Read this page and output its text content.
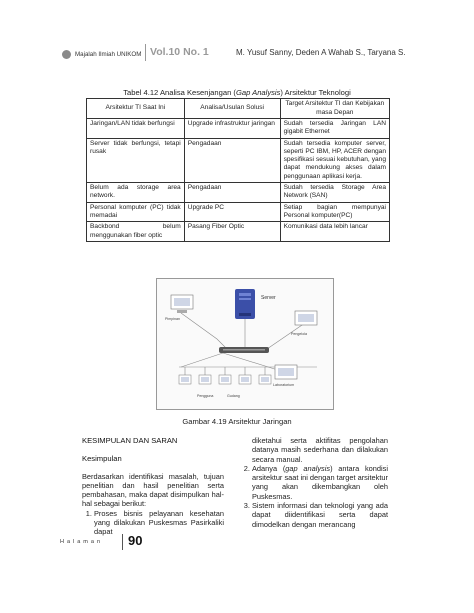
Majalah Ilmiah UNIKOM Vol.10 No. 1	M. Yusuf Sanny, Deden A Wahab S., Taryana S.
Tabel 4.12 Analisa Kesenjangan (Gap Analysis) Arsitektur Teknologi
Arsitektur TI Saat Ini	Analisa/Usulan Solusi	Target Arsitektur TI dan Kebijakan masa Depan
Jaringan/LAN tidak berfungsi	Upgrade infrastruktur jaringan	Sudah tersedia Jaringan LAN gigabit Ethernet
Server tidak berfungsi, tetapi rusak	Pengadaan	Sudah tersedia komputer server, seperti PC IBM, HP, ACER dengan spesifikasi sesuai kebutuhan, yang dapat mendukung akses dalam penggunaan aplikasi kerja.
Belum ada storage area network.	Pengadaan	Sudah tersedia Storage Area Network (SAN)
Personal komputer (PC) tidak memadai	Upgrade PC	Setiap bagian mempunyai Personal komputer(PC)
Backbond belum menggunakan fiber optic	Pasang Fiber Optic	Komunikasi data lebih lancar
Server
Pimpinan
Pengelola
Laboratorium
Pengguna	Gudang
Gambar 4.19 Arsitektur Jaringan
KESIMPULAN DAN SARAN
Kesimpulan

Berdasarkan identifikasi masalah, tujuan penelitian dan hasil penelitian serta pembahasan, maka dapat disimpulkan hal-hal sebagai berikut:

1. Proses bisnis pelayanan kesehatan yang dilakukan Puskesmas Pasirkaliki dapat

diketahui serta aktifitas pengolahan datanya masih sederhana dan dilakukan secara manual.

2. Adanya (gap analysis) antara kondisi arsitektur saat ini dengan target arsitektur yang akan dikembangkan oleh Puskesmas.
3. Sistem informasi dan teknologi yang ada dapat diidentifikasi serta dapat dimodelkan dengan merancang
Halaman 90
